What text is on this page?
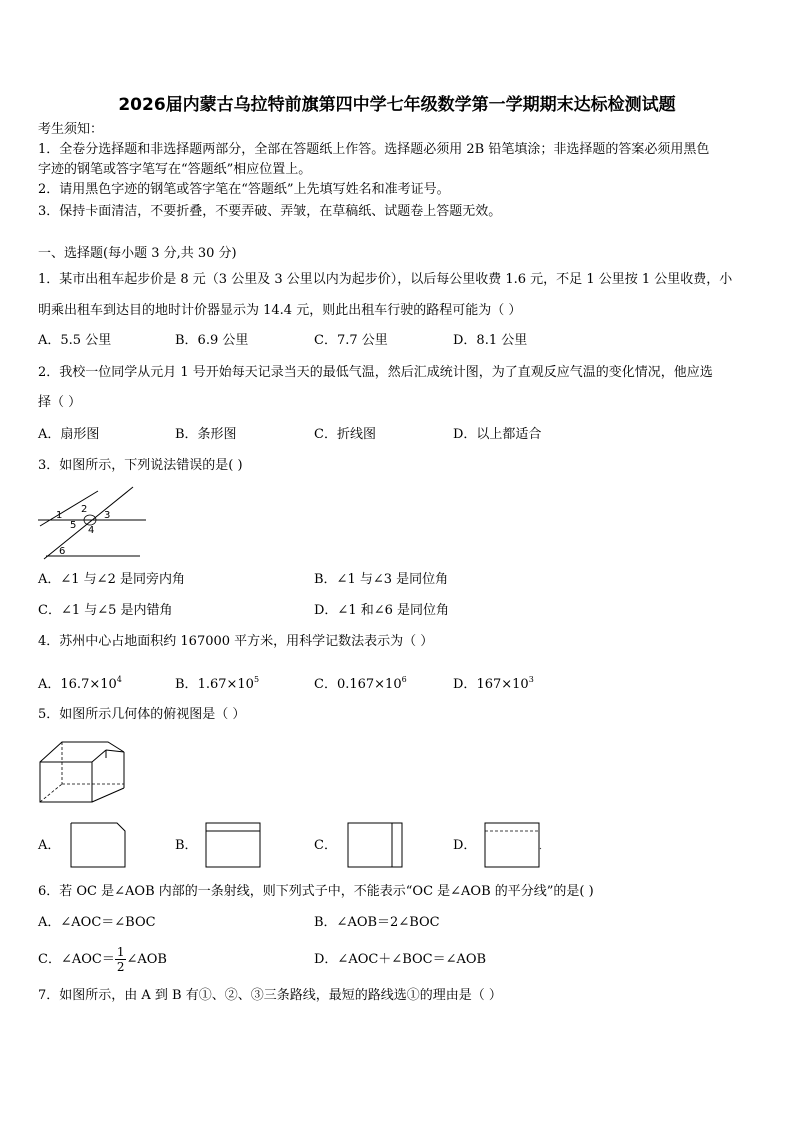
2026届内蒙古乌拉特前旗第四中学七年级数学第一学期期末达标检测试题
考生须知：
1．全卷分选择题和非选择题两部分，全部在答题纸上作答。选择题必须用 2B 铅笔填涂；非选择题的答案必须用黑色
字迹的钢笔或答字笔写在“答题纸”相应位置上。
2．请用黑色字迹的钢笔或答字笔在“答题纸”上先填写姓名和准考证号。
3．保持卡面清洁，不要折叠，不要弄破、弄皱，在草稿纸、试题卷上答题无效。
一、选择题(每小题 3 分,共 30 分)
1．某市出租车起步价是 8 元（3 公里及 3 公里以内为起步价），以后每公里收费 1.6 元，不足 1 公里按 1 公里收费，小
明乘出租车到达目的地时计价器显示为 14.4 元，则此出租车行驶的路程可能为（ ）
A．5.5 公里	B．6.9 公里	C．7.7 公里	D．8.1 公里
2．我校一位同学从元月 1 号开始每天记录当天的最低气温，然后汇成统计图，为了直观反应气温的变化情况，他应选
择（ ）
A．扇形图	B．条形图	C．折线图	D．以上都适合
3．如图所示，下列说法错误的是( )
1
2
3
4
5
6
A．∠1 与∠2 是同旁内角	B．∠1 与∠3 是同位角
C．∠1 与∠5 是内错角	D．∠1 和∠6 是同位角
4．苏州中心占地面积约 167000 平方米，用科学记数法表示为（ ）
A．$16.7\times 10^4$	B．$1.67\times 10^5$	C．$0.167\times 10^6$	D．$167\times 10^3$
5．如图所示几何体的俯视图是（ ）
A．	B．	C．	D．
6．若 OC 是∠AOB 内部的一条射线，则下列式子中，不能表示“OC 是∠AOB 的平分线”的是( )
A．∠AOC＝∠BOC	B．∠AOB＝2∠BOC
C．∠AOC＝ $\frac{1}{2}$ ∠AOB	D．∠AOC＋∠BOC＝∠AOB
7．如图所示，由 A 到 B 有①、②、③三条路线，最短的路线选①的理由是（ ）
